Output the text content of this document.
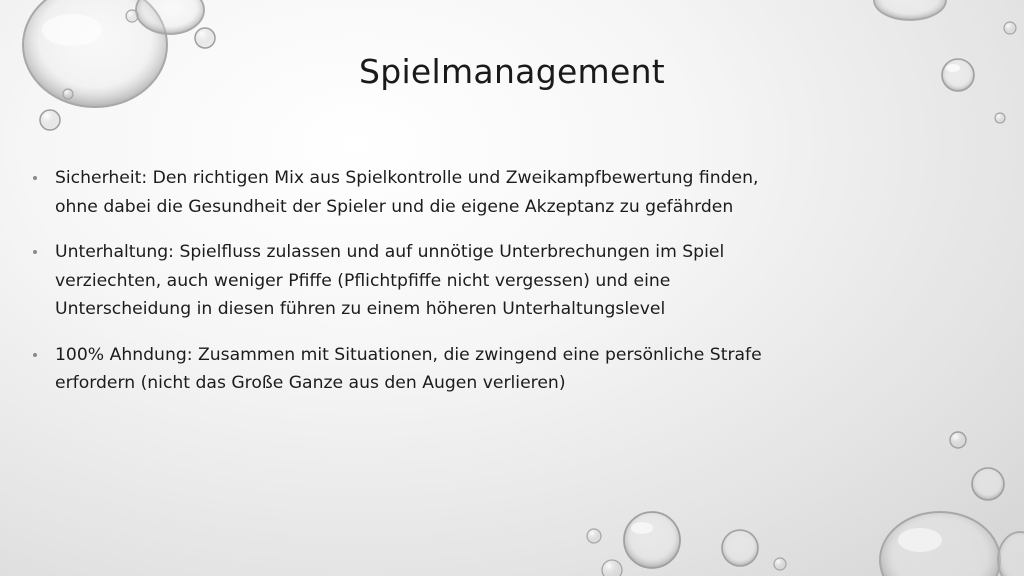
Spielmanagement
Sicherheit: Den richtigen Mix aus Spielkontrolle und Zweikampfbewertung finden,
ohne dabei die Gesundheit der Spieler und die eigene Akzeptanz zu gefährden
Unterhaltung: Spielfluss zulassen und auf unnötige Unterbrechungen im Spiel
verziechten, auch weniger Pfiffe (Pflichtpfiffe nicht vergessen) und eine
Unterscheidung in diesen führen zu einem höheren Unterhaltungslevel
100% Ahndung: Zusammen mit Situationen, die zwingend eine persönliche Strafe
erfordern (nicht das Große Ganze aus den Augen verlieren)
